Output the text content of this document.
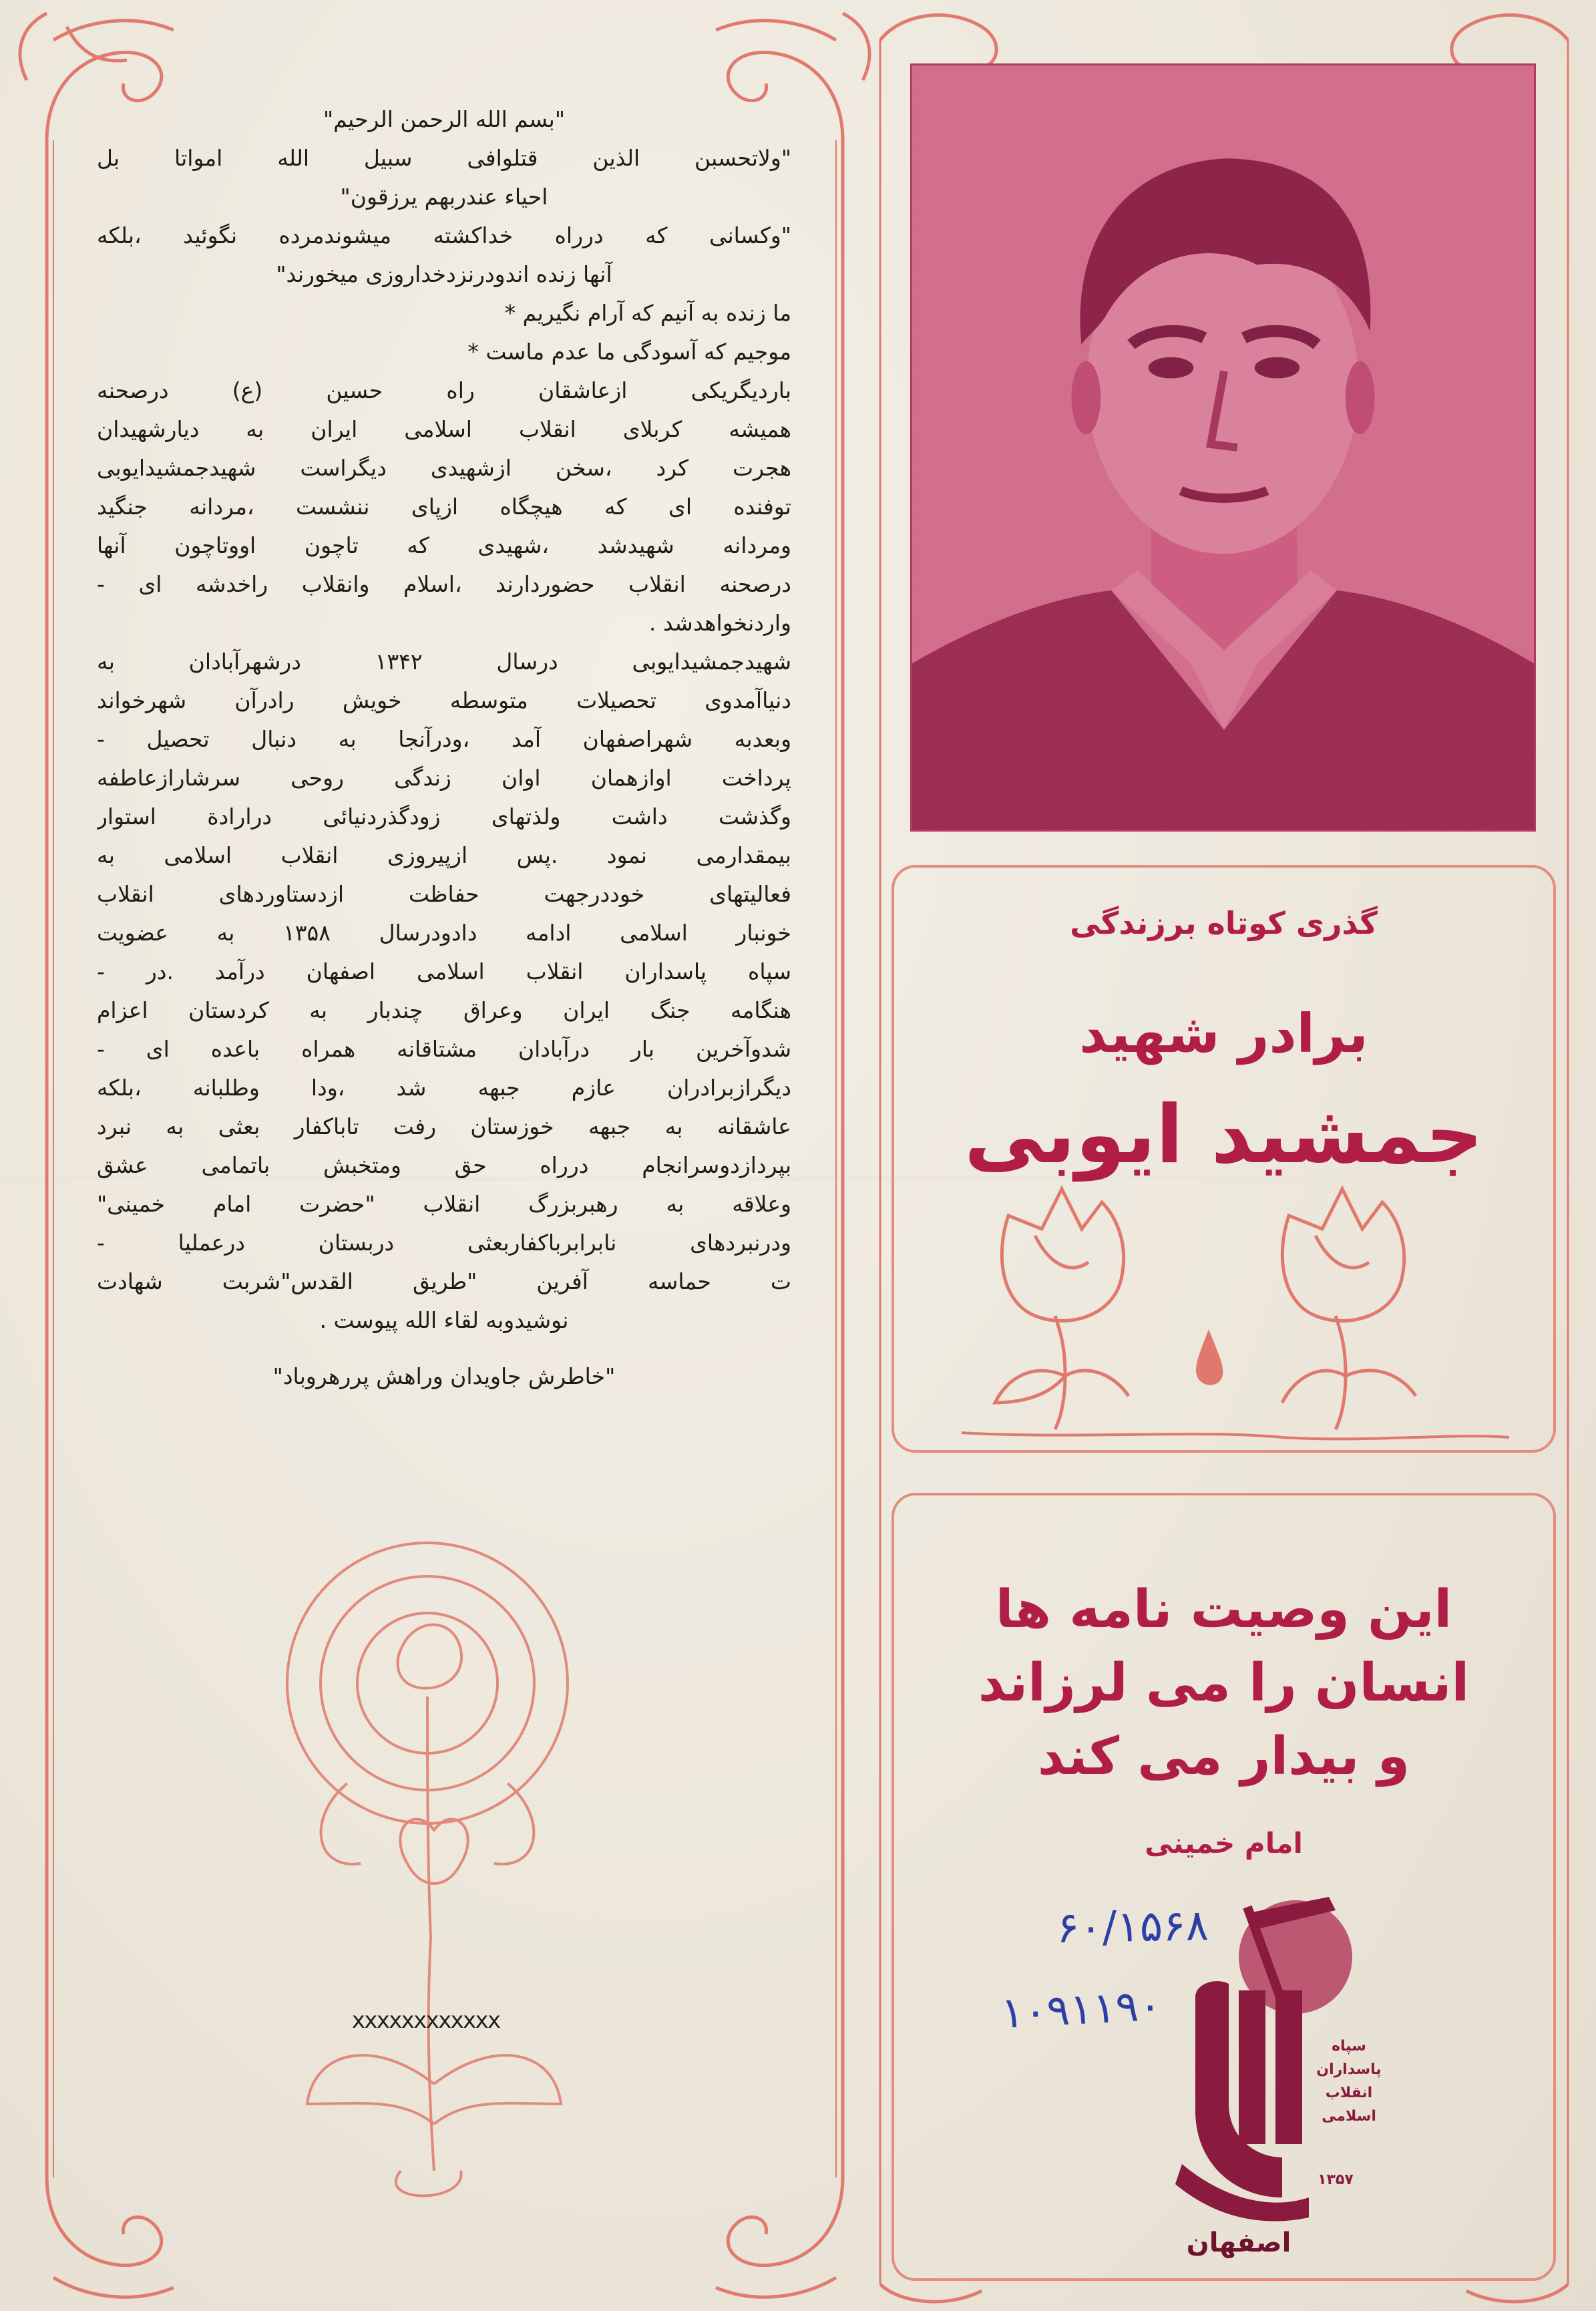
"بسم الله الرحمن الرحیم"
"ولاتحسبن الذین قتلوافی سبیل الله امواتا بل
احیاء عندربهم یرزقون"
"وکسانی که درراه خداکشته میشوندمرده نگوئید ،بلکه
آنها زنده اندودرنزدخداروزی میخورند"
ما زنده به آنیم که آرام نگیریم *
موجیم که آسودگی ما عدم ماست *
باردیگریکی ازعاشقان راه حسین (ع) درصحنه
همیشه کربلای انقلاب اسلامی ایران به دیارشهیدان
هجرت کرد ،سخن ازشهیدی دیگراست شهیدجمشیدایوبی
توفنده ای که هیچگاه ازپای ننشست ،مردانه جنگید
ومردانه شهیدشد ،شهیدی که تاچون اووتاچون آنها
درصحنه انقلاب حضوردارند ،اسلام وانقلاب راخدشه ای -
واردنخواهدشد .
شهیدجمشیدایوبی درسال ۱۳۴۲ درشهرآبادان به
دنیاآمدوی تحصیلات متوسطه خویش رادرآن شهرخواند
وبعدبه شهراصفهان آمد ،ودرآنجا به دنبال تحصیل -
پرداخت اوازهمان اوان زندگی روحی سرشارازعاطفه
وگذشت داشت ولذتهای زودگذردنیائی درارادة استوار
بیمقدارمی نمود .پس ازپیروزی انقلاب اسلامی به
فعالیتهای خوددرجهت حفاظت ازدستاوردهای انقلاب
خونبار اسلامی ادامه دادودرسال ۱۳۵۸ به عضویت
سپاه پاسداران انقلاب اسلامی اصفهان درآمد .در -
هنگامه جنگ ایران وعراق چندبار به کردستان اعزام
شدوآخرین بار درآبادان مشتاقانه همراه باعده ای -
دیگرازبرادران عازم جبهه شد ،ودا وطلبانه ،بلکه
عاشقانه به جبهه خوزستان رفت تاباکفار بعثی به نبرد
بپردازدوسرانجام درراه حق ومتخبش باتمامی عشق
وعلاقه به رهبربزرگ انقلاب "حضرت امام خمینی"
ودرنبردهای نابرابرباکفاربعثی دربستان درعملیا -
ت حماسه آفرین "طریق القدس"شربت شهادت
نوشیدوبه لقاء الله پیوست .
"خاطرش جاویدان وراهش پررهروباد"
xxxxxxxxxxxx
گذری کوتاه برزندگی
برادر شهید
جمشید ایوبی
این وصیت نامه ها
انسان را می لرزاند
و بیدار می کند
امام خمینی
۶۰/۱۵۶۸
۱۰۹۱۱۹۰
سپاه
پاسداران
انقلاب
اسلامی
۱۳۵۷
اصفهان
